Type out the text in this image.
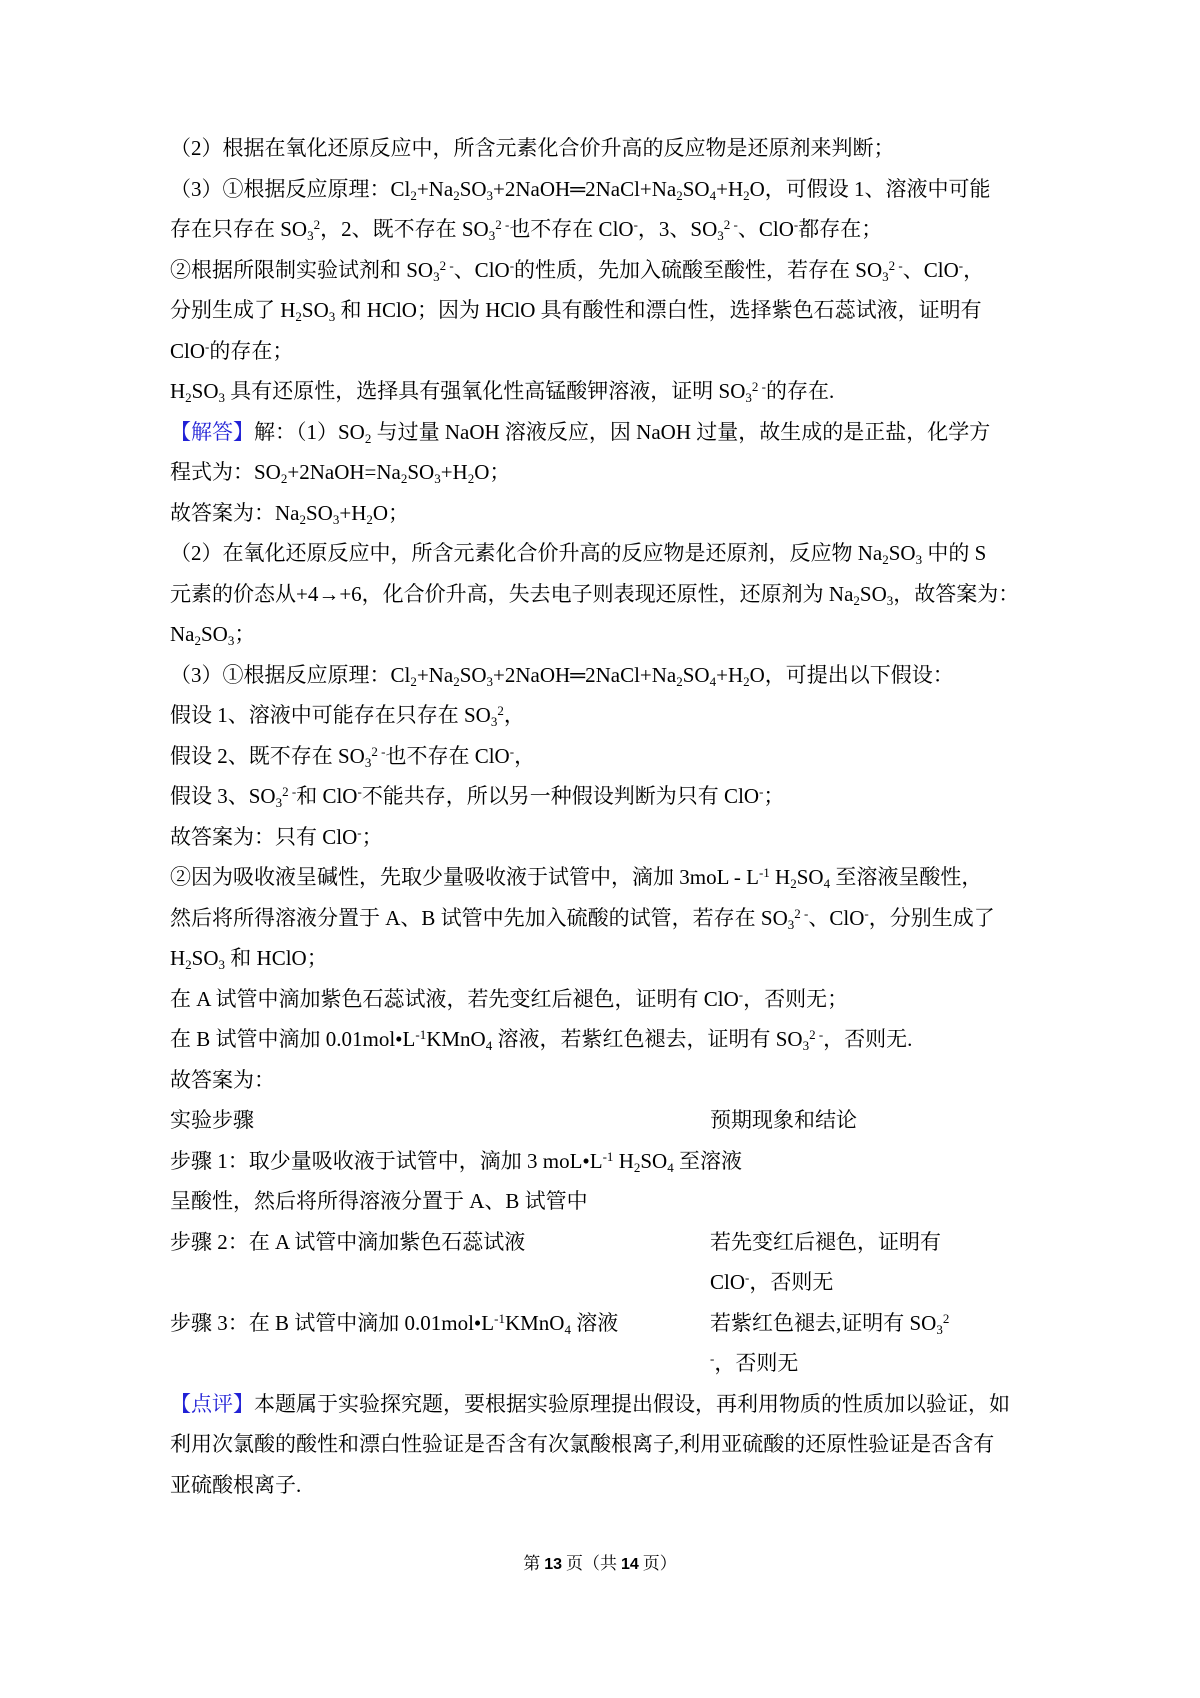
（2）根据在氧化还原反应中，所含元素化合价升高的反应物是还原剂来判断；
（3）①根据反应原理：$Cl_2+Na_2SO_3+2NaOH═2NaCl+Na_2SO_4+H_2O$，可假设 1、溶液中可能
存在只存在 $SO_3^2$，2、既不存在 $SO_3^{2 -}$也不存在 ClO-，3、$SO_3^{2 -}$、ClO-都存在；
②根据所限制实验试剂和 $SO_3^{2 -}$、ClO-的性质，先加入硫酸至酸性，若存在 $SO_3^{2 -}$、ClO-，
分别生成了 $H_2SO_3$ 和 HClO；因为 HClO 具有酸性和漂白性，选择紫色石蕊试液，证明有
ClO-的存在；
$H_2SO_3$ 具有还原性，选择具有强氧化性高锰酸钾溶液，证明 $SO_3^{2 -}$的存在.
【解答】解：$(1)SO_2$ 与过量 NaOH 溶液反应，因 NaOH 过量，故生成的是正盐，化学方
程式为：$SO_2+2NaOH=Na_2SO_3+H_2O$；
故答案为：$Na_2SO_3+H_2O$；
（2）在氧化还原反应中，所含元素化合价升高的反应物是还原剂，反应物 $Na_2SO_3$ 中的 S
元素的价态从+4→+6，化合价升高，失去电子则表现还原性，还原剂为 $Na_2SO_3$，故答案为：
$Na_2SO_3$；
（3）①根据反应原理：$Cl_2+Na_2SO_3+2NaOH═2NaCl+Na_2SO_4+H_2O$，可提出以下假设：
假设 1、溶液中可能存在只存在 $SO_3^2$，
假设 2、既不存在 $SO_3^{2 -}$也不存在 ClO-，
假设 3、$SO_3^{2 -}$和 ClO-不能共存，所以另一种假设判断为只有 ClO-；
故答案为：只有 ClO-；
②因为吸收液呈碱性，先取少量吸收液于试管中，滴加 $3moL - L^{-1}$ $H_2SO_4$ 至溶液呈酸性，
然后将所得溶液分置于 A、B 试管中先加入硫酸的试管，若存在 $SO_3^{2 -}$、ClO-，分别生成了
$H_2SO_3$ 和 HClO；
在 A 试管中滴加紫色石蕊试液，若先变红后褪色，证明有 ClO-，否则无；
在 B 试管中滴加 $0.01mol•L^{-1}KMnO_4$ 溶液，若紫红色褪去，证明有 $SO_3^{2 -}$，否则无.
故答案为：
实验步骤	预期现象和结论
步骤 1：取少量吸收液于试管中，滴加 3 $moL•L^{-1}$ $H_2SO_4$ 至溶液
呈酸性，然后将所得溶液分置于 A、B 试管中
步骤 2：在 A 试管中滴加紫色石蕊试液	若先变红后褪色，证明有
ClO-，否则无
步骤 3：在 B 试管中滴加 $0.01mol•L^{-1}KMnO_4$ 溶液	若紫红色褪去,证明有 $SO_3^2$
-，否则无
【点评】本题属于实验探究题，要根据实验原理提出假设，再利用物质的性质加以验证，如
利用次氯酸的酸性和漂白性验证是否含有次氯酸根离子,利用亚硫酸的还原性验证是否含有
亚硫酸根离子.
第 13 页（共 14 页）
